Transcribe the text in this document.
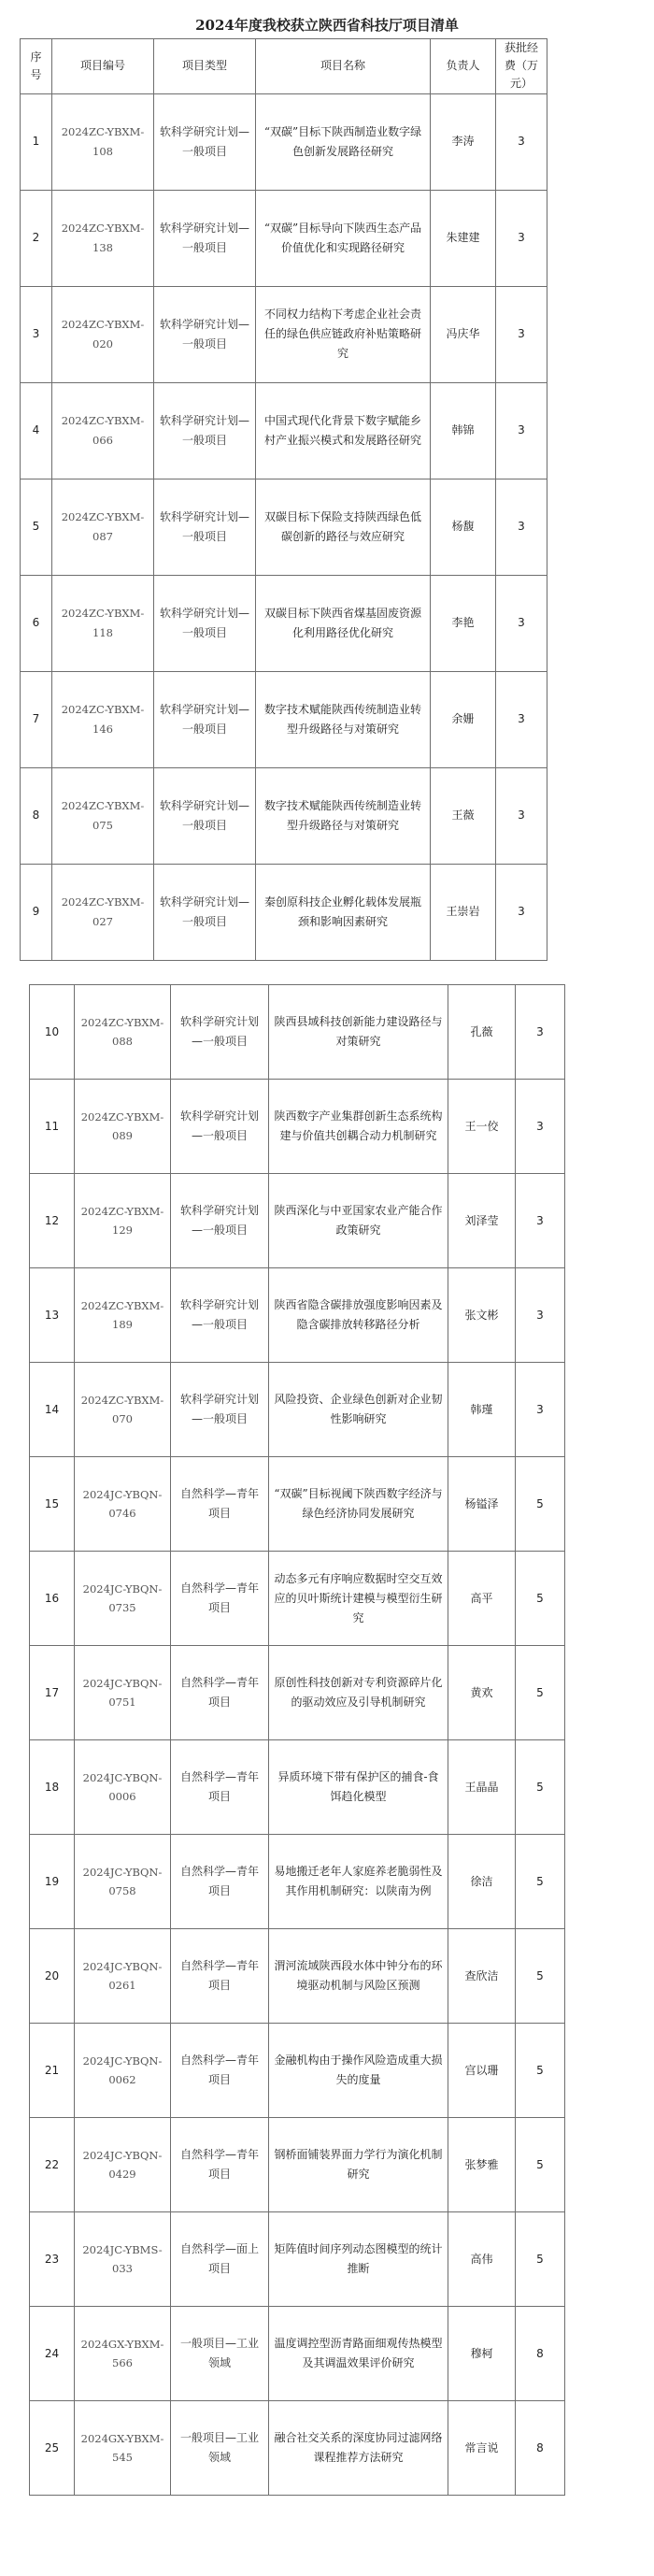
2024年度我校获立陕西省科技厅项目清单
序号	项目编号	项目类型	项目名称	负责人	获批经费（万元）
1	2024ZC-YBXM-108	软科学研究计划—一般项目	“双碳”目标下陕西制造业数字绿色创新发展路径研究	李涛	3
2	2024ZC-YBXM-138	软科学研究计划—一般项目	“双碳”目标导向下陕西生态产品价值优化和实现路径研究	朱建建	3
3	2024ZC-YBXM-020	软科学研究计划—一般项目	不同权力结构下考虑企业社会责任的绿色供应链政府补贴策略研究	冯庆华	3
4	2024ZC-YBXM-066	软科学研究计划—一般项目	中国式现代化背景下数字赋能乡村产业振兴模式和发展路径研究	韩锦	3
5	2024ZC-YBXM-087	软科学研究计划—一般项目	双碳目标下保险支持陕西绿色低碳创新的路径与效应研究	杨馥	3
6	2024ZC-YBXM-118	软科学研究计划—一般项目	双碳目标下陕西省煤基固废资源化利用路径优化研究	李艳	3
7	2024ZC-YBXM-146	软科学研究计划—一般项目	数字技术赋能陕西传统制造业转型升级路径与对策研究	余姗	3
8	2024ZC-YBXM-075	软科学研究计划—一般项目	数字技术赋能陕西传统制造业转型升级路径与对策研究	王薇	3
9	2024ZC-YBXM-027	软科学研究计划—一般项目	秦创原科技企业孵化载体发展瓶颈和影响因素研究	王崇岩	3
10	2024ZC-YBXM-088	软科学研究计划—一般项目	陕西县域科技创新能力建设路径与对策研究	孔薇	3
11	2024ZC-YBXM-089	软科学研究计划—一般项目	陕西数字产业集群创新生态系统构建与价值共创耦合动力机制研究	王一佼	3
12	2024ZC-YBXM-129	软科学研究计划—一般项目	陕西深化与中亚国家农业产能合作政策研究	刘泽莹	3
13	2024ZC-YBXM-189	软科学研究计划—一般项目	陕西省隐含碳排放强度影响因素及隐含碳排放转移路径分析	张文彬	3
14	2024ZC-YBXM-070	软科学研究计划—一般项目	风险投资、企业绿色创新对企业韧性影响研究	韩瑾	3
15	2024JC-YBQN-0746	自然科学—青年项目	“双碳”目标视阈下陕西数字经济与绿色经济协同发展研究	杨镒泽	5
16	2024JC-YBQN-0735	自然科学—青年项目	动态多元有序响应数据时空交互效应的贝叶斯统计建模与模型衍生研究	高平	5
17	2024JC-YBQN-0751	自然科学—青年项目	原创性科技创新对专利资源碎片化的驱动效应及引导机制研究	黄欢	5
18	2024JC-YBQN-0006	自然科学—青年项目	异质环境下带有保护区的捕食-食饵趋化模型	王晶晶	5
19	2024JC-YBQN-0758	自然科学—青年项目	易地搬迁老年人家庭养老脆弱性及其作用机制研究：以陕南为例	徐洁	5
20	2024JC-YBQN-0261	自然科学—青年项目	渭河流域陕西段水体中钟分布的环境驱动机制与风险区预测	查欣洁	5
21	2024JC-YBQN-0062	自然科学—青年项目	金融机构由于操作风险造成重大损失的度量	宫以珊	5
22	2024JC-YBQN-0429	自然科学—青年项目	钢桥面铺装界面力学行为演化机制研究	张梦雅	5
23	2024JC-YBMS-033	自然科学—面上项目	矩阵值时间序列动态图模型的统计推断	高伟	5
24	2024GX-YBXM-566	一般项目—工业领域	温度调控型沥青路面细观传热模型及其调温效果评价研究	穆柯	8
25	2024GX-YBXM-545	一般项目—工业领域	融合社交关系的深度协同过滤网络课程推荐方法研究	常言说	8
